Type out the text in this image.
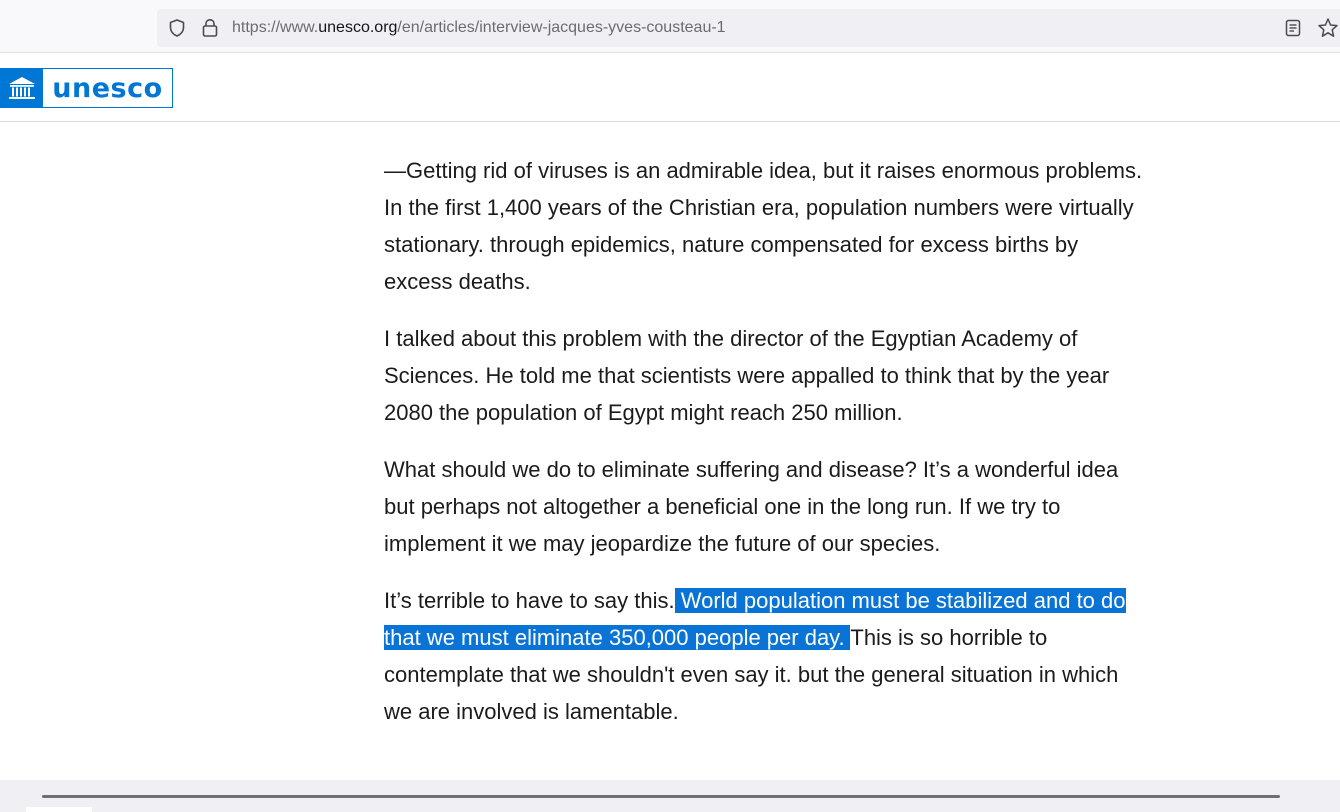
https://www.unesco.org/en/articles/interview-jacques-yves-cousteau-1
unesco

—Getting rid of viruses is an admirable idea, but it raises enormous problems. In the first 1,400 years of the Christian era, population numbers were virtually stationary. through epidemics, nature compensated for excess births by excess deaths.

I talked about this problem with the director of the Egyptian Academy of Sciences. He told me that scientists were appalled to think that by the year 2080 the population of Egypt might reach 250 million.

What should we do to eliminate suffering and disease? It’s a wonderful idea but perhaps not altogether a beneficial one in the long run. If we try to implement it we may jeopardize the future of our species.

It’s terrible to have to say this. World population must be stabilized and to do that we must eliminate 350,000 people per day. This is so horrible to contemplate that we shouldn't even say it. but the general situation in which we are involved is lamentable.
